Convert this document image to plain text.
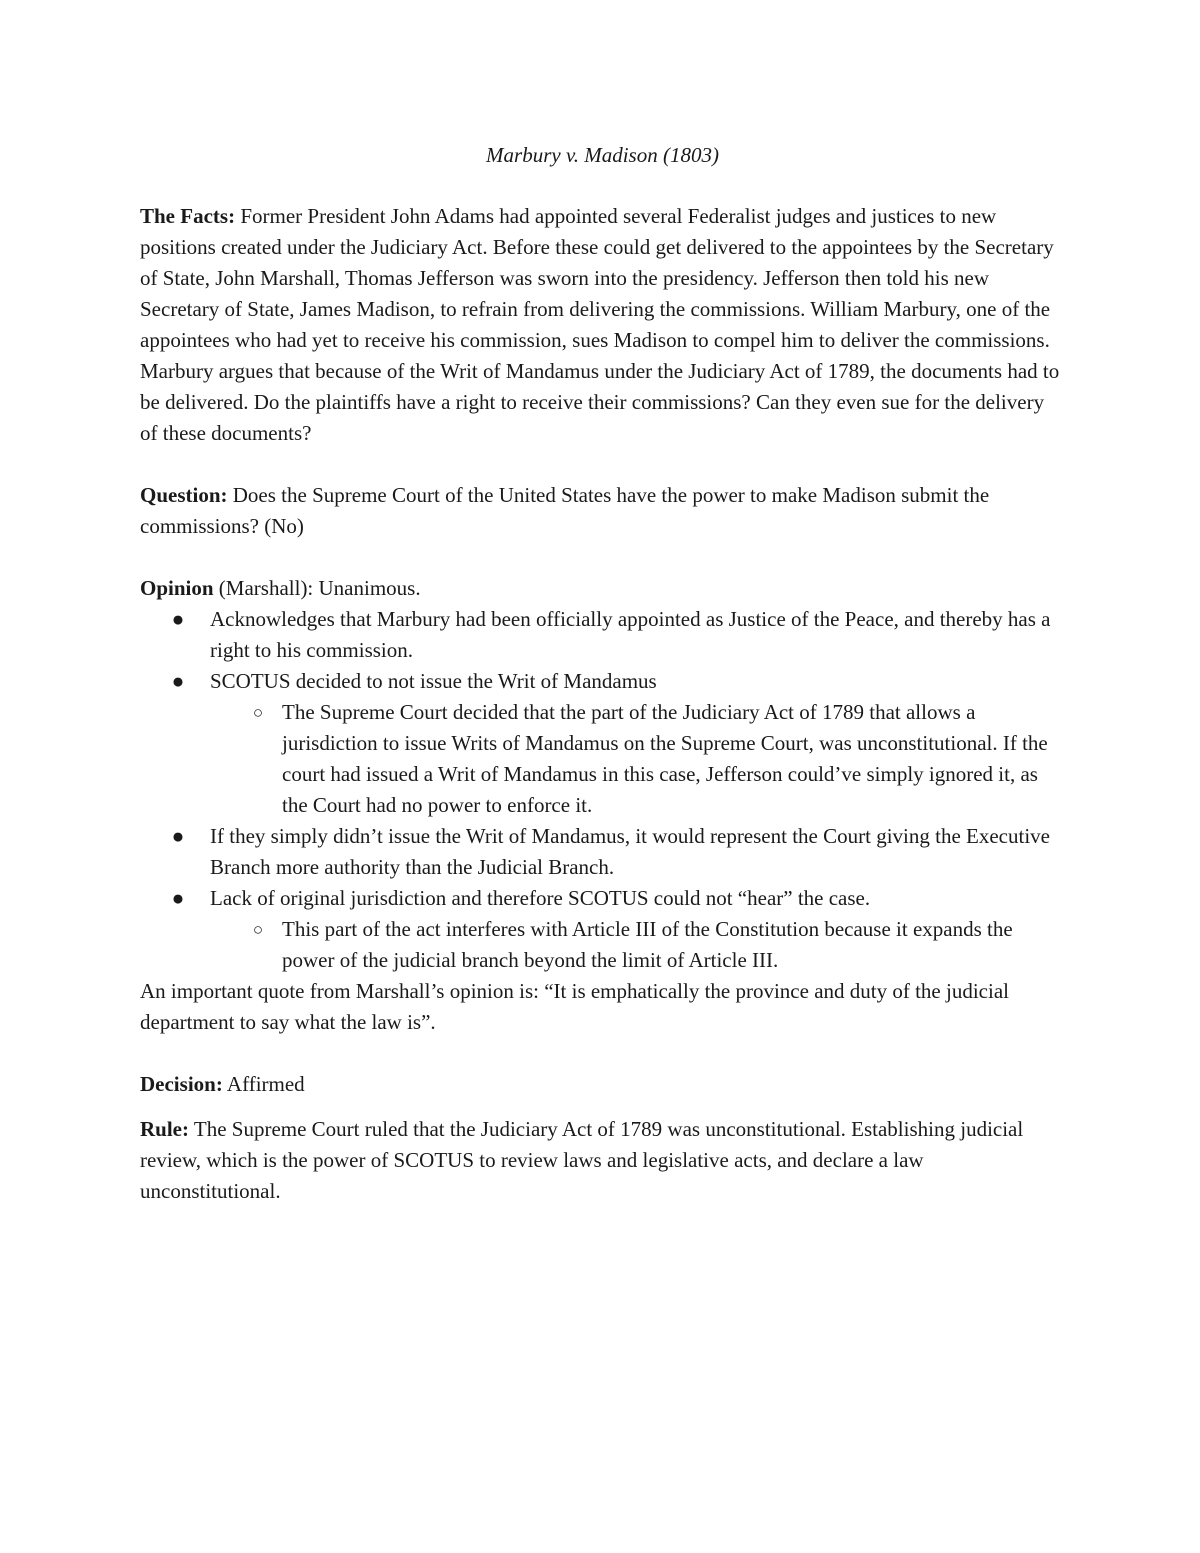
Marbury v. Madison (1803)

The Facts: Former President John Adams had appointed several Federalist judges and justices to new positions created under the Judiciary Act. Before these could get delivered to the appointees by the Secretary of State, John Marshall, Thomas Jefferson was sworn into the presidency. Jefferson then told his new Secretary of State, James Madison, to refrain from delivering the commissions. William Marbury, one of the appointees who had yet to receive his commission, sues Madison to compel him to deliver the commissions. Marbury argues that because of the Writ of Mandamus under the Judiciary Act of 1789, the documents had to be delivered. Do the plaintiffs have a right to receive their commissions? Can they even sue for the delivery of these documents?

Question: Does the Supreme Court of the United States have the power to make Madison submit the commissions? (No)

Opinion (Marshall): Unanimous.

● Acknowledges that Marbury had been officially appointed as Justice of the Peace, and thereby has a right to his commission.
● SCOTUS decided to not issue the Writ of Mandamus
○ The Supreme Court decided that the part of the Judiciary Act of 1789 that allows a jurisdiction to issue Writs of Mandamus on the Supreme Court, was unconstitutional. If the court had issued a Writ of Mandamus in this case, Jefferson could’ve simply ignored it, as the Court had no power to enforce it.
● If they simply didn’t issue the Writ of Mandamus, it would represent the Court giving the Executive Branch more authority than the Judicial Branch.
● Lack of original jurisdiction and therefore SCOTUS could not “hear” the case.
○ This part of the act interferes with Article III of the Constitution because it expands the power of the judicial branch beyond the limit of Article III.

An important quote from Marshall’s opinion is: “It is emphatically the province and duty of the judicial department to say what the law is”.

Decision: Affirmed

Rule: The Supreme Court ruled that the Judiciary Act of 1789 was unconstitutional. Establishing judicial review, which is the power of SCOTUS to review laws and legislative acts, and declare a law unconstitutional.
